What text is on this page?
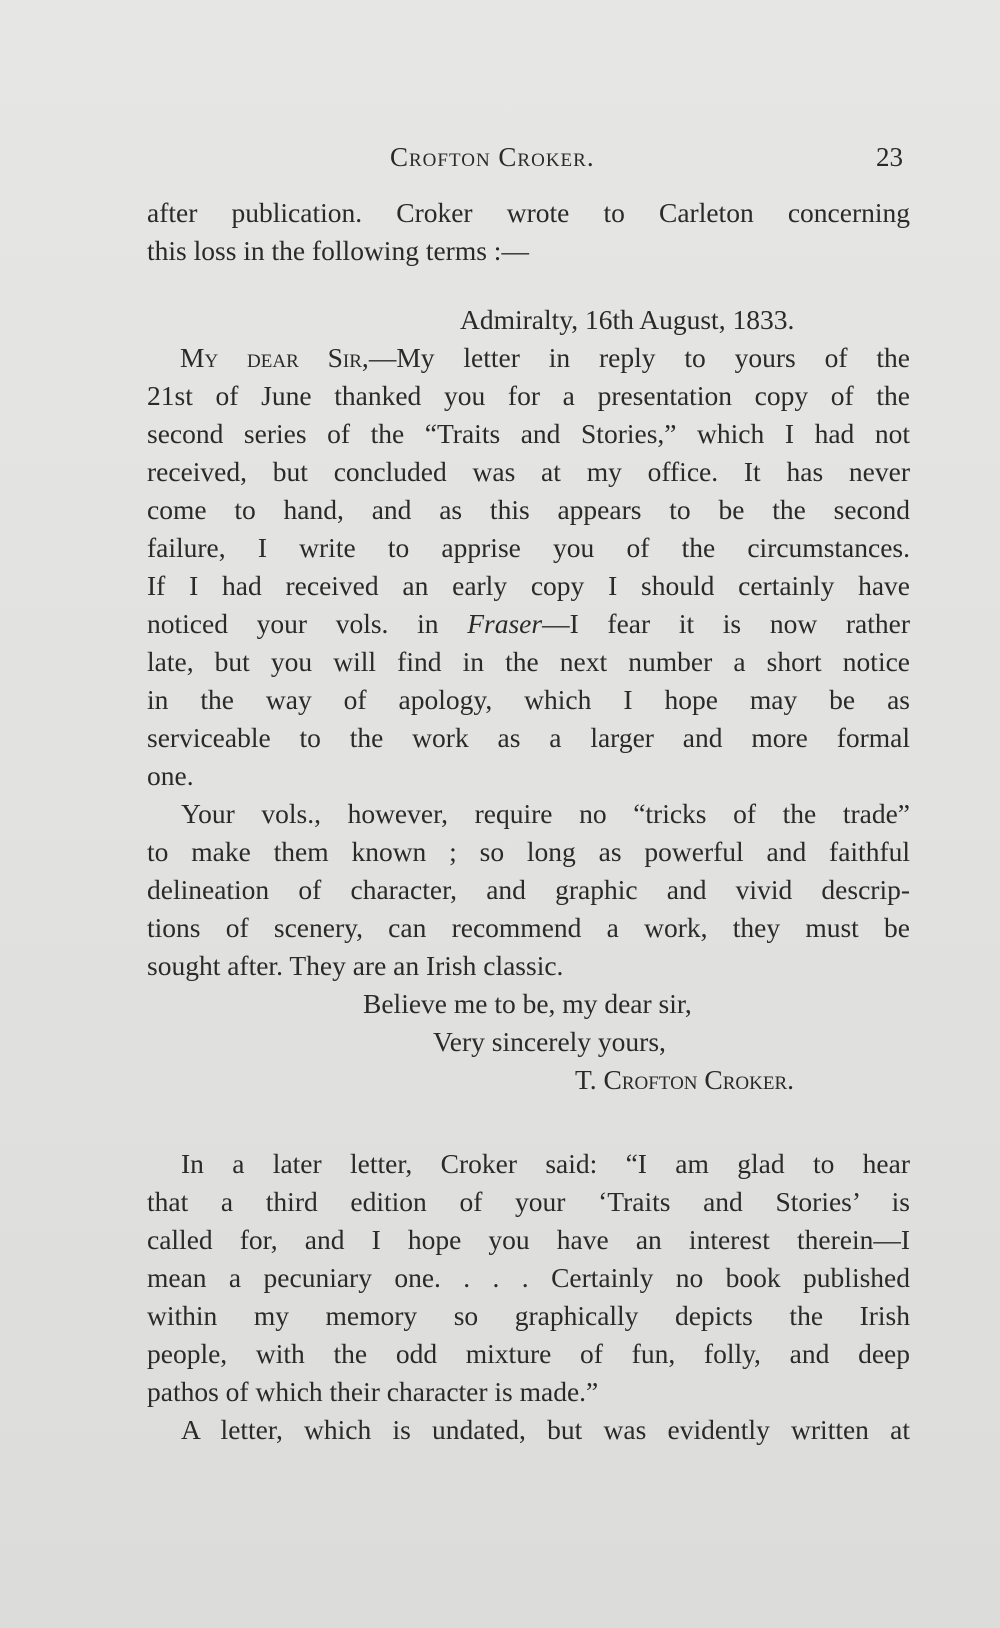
Crofton Croker.	23
after publication. Croker wrote to Carleton concerning
this loss in the following terms :—
Admiralty, 16th August, 1833.
My dear Sir,—My letter in reply to yours of the
21st of June thanked you for a presentation copy of the
second series of the “Traits and Stories,” which I had not
received, but concluded was at my office. It has never
come to hand, and as this appears to be the second
failure, I write to apprise you of the circumstances.
If I had received an early copy I should certainly have
noticed your vols. in Fraser—I fear it is now rather
late, but you will find in the next number a short notice
in the way of apology, which I hope may be as
serviceable to the work as a larger and more formal
one.
Your vols., however, require no “tricks of the trade”
to make them known ; so long as powerful and faithful
delineation of character, and graphic and vivid descrip-
tions of scenery, can recommend a work, they must be
sought after. They are an Irish classic.
Believe me to be, my dear sir,
Very sincerely yours,
T. Crofton Croker.
In a later letter, Croker said: “I am glad to hear
that a third edition of your ‘Traits and Stories’ is
called for, and I hope you have an interest therein—I
mean a pecuniary one. . . . Certainly no book published
within my memory so graphically depicts the Irish
people, with the odd mixture of fun, folly, and deep
pathos of which their character is made.”
A letter, which is undated, but was evidently written at
